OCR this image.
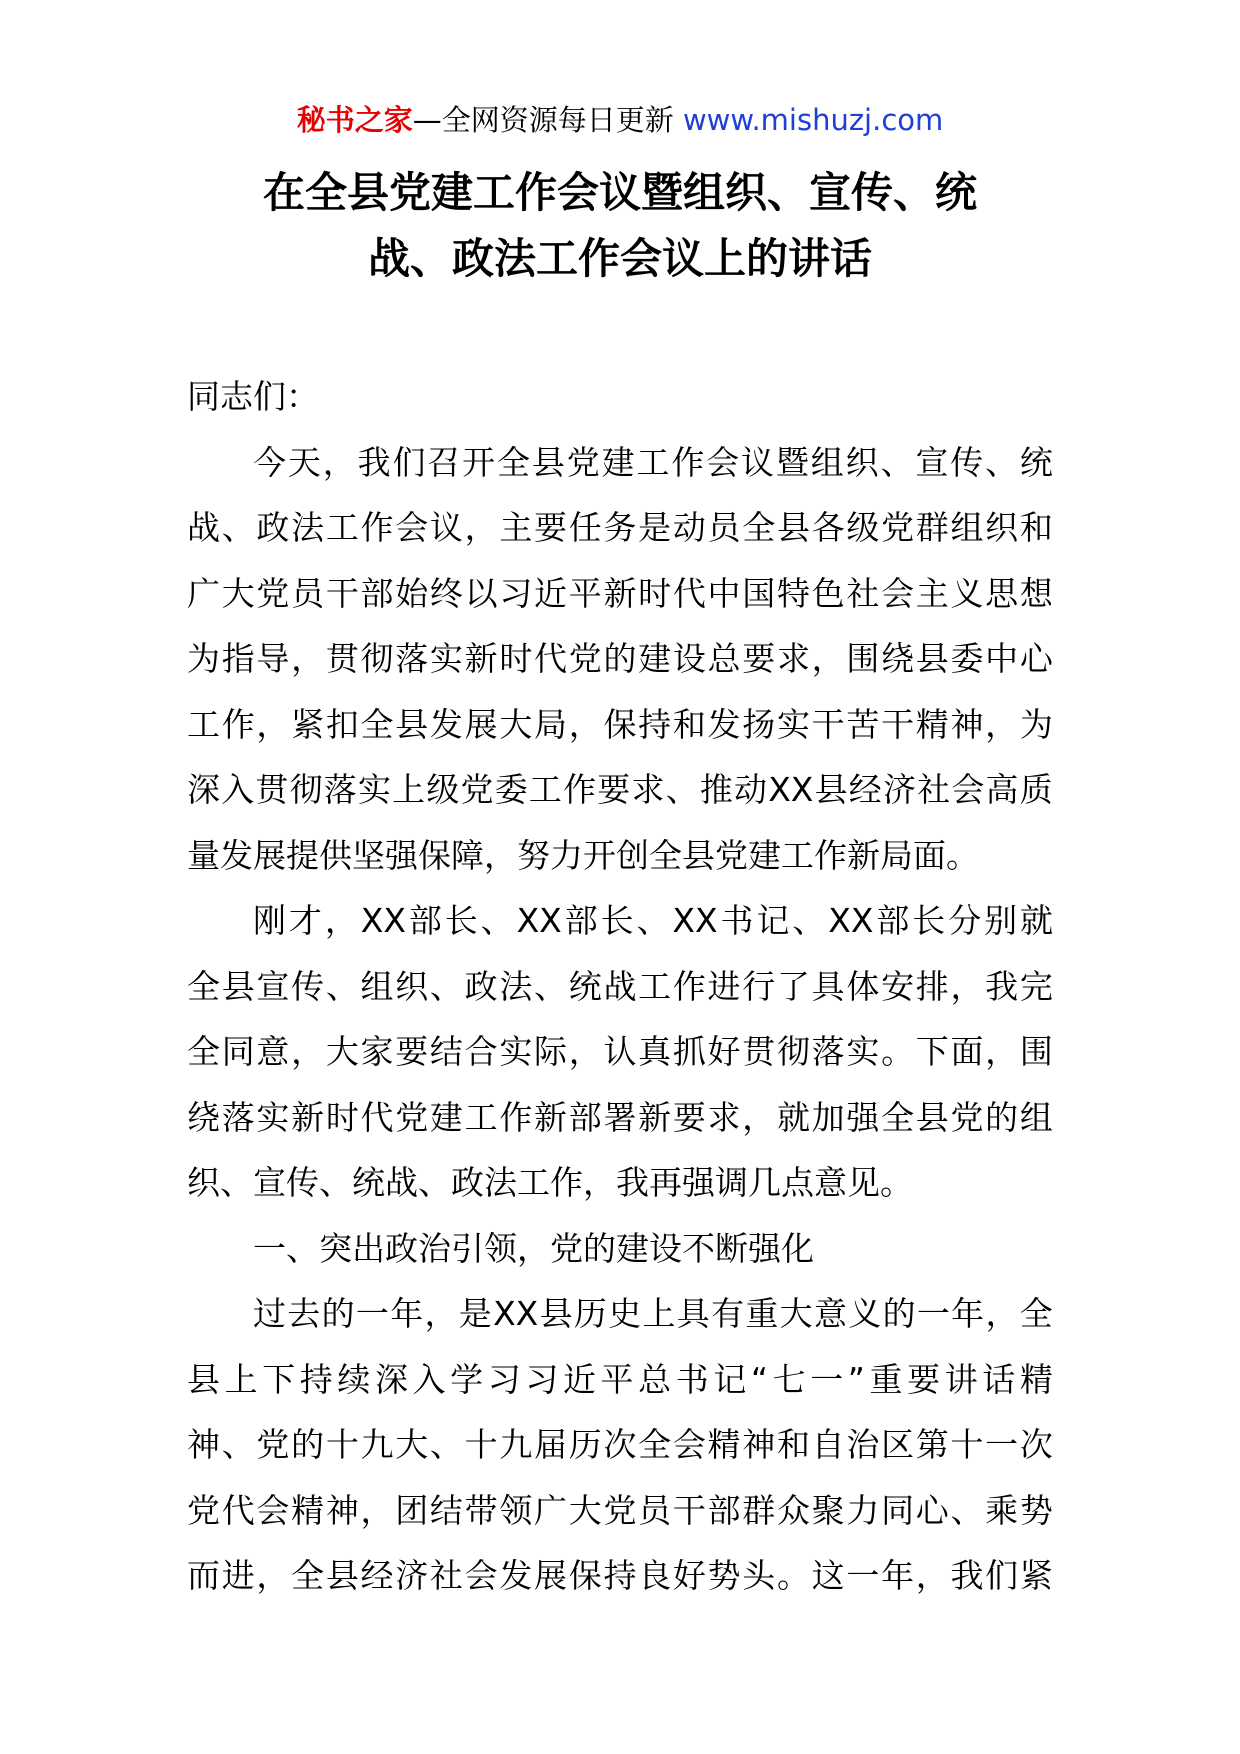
秘书之家—全网资源每日更新 www.mishuzj.com
在全县党建工作会议暨组织、宣传、统
战、政法工作会议上的讲话
同志们：
今 天 ， 我 们 召 开 全 县 党 建 工 作 会 议 暨 组 织 、 宣 传 、 统
战 、 政 法 工 作 会 议 ， 主 要 任 务 是 动 员 全 县 各 级 党 群 组 织 和
广 大 党 员 干 部 始 终 以 习 近 平 新 时 代 中 国 特 色 社 会 主 义 思 想
为 指 导 ， 贯 彻 落 实 新 时 代 党 的 建 设 总 要 求 ， 围 绕 县 委 中 心
工 作 ， 紧 扣 全 县 发 展 大 局 ， 保 持 和 发 扬 实 干 苦 干 精 神 ， 为
深 入 贯 彻 落 实 上 级 党 委 工 作 要 求 、 推 动 XX 县 经 济 社 会 高 质
量发展提供坚强保障，努力开创全县党建工作新局面。
刚 才 ， XX 部 长 、 XX 部 长 、 XX 书 记 、 XX 部 长 分 别 就
全 县 宣 传 、 组 织 、 政 法 、 统 战 工 作 进 行 了 具 体 安 排 ， 我 完
全 同 意 ， 大 家 要 结 合 实 际 ， 认 真 抓 好 贯 彻 落 实 。 下 面 ， 围
绕 落 实 新 时 代 党 建 工 作 新 部 署 新 要 求 ， 就 加 强 全 县 党 的 组
织、宣传、统战、政法工作，我再强调几点意见。
一、突出政治引领，党的建设不断强化
过 去 的 一 年 ， 是 XX 县 历 史 上 具 有 重 大 意 义 的 一 年 ， 全
县 上 下 持 续 深 入 学 习 习 近 平 总 书 记 “ 七 一 ” 重 要 讲 话 精
神 、 党 的 十 九 大 、 十 九 届 历 次 全 会 精 神 和 自 治 区 第 十 一 次
党 代 会 精 神 ， 团 结 带 领 广 大 党 员 干 部 群 众 聚 力 同 心 、 乘 势
而 进 ， 全 县 经 济 社 会 发 展 保 持 良 好 势 头 。 这 一 年 ， 我 们 紧
